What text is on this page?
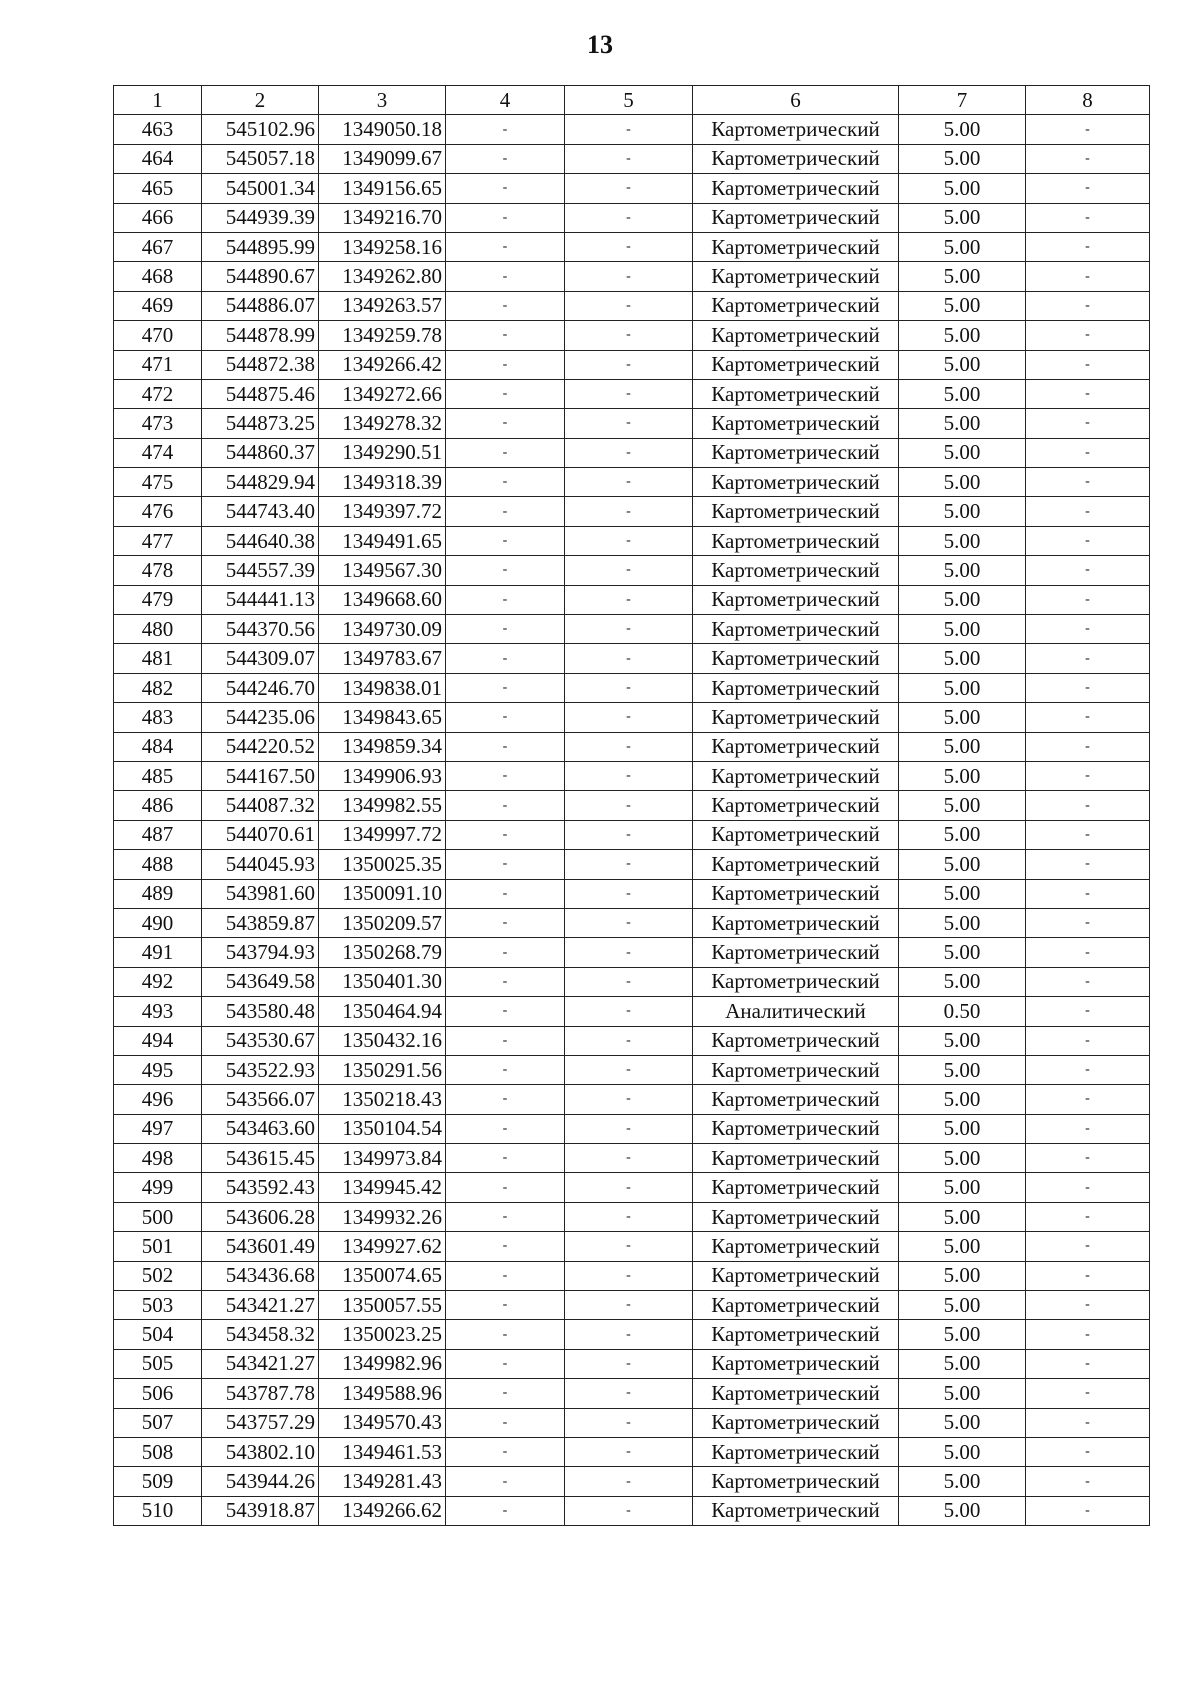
13
1	2	3	4	5	6	7	8
463	545102.96	1349050.18	-	-	Картометрический	5.00	-
464	545057.18	1349099.67	-	-	Картометрический	5.00	-
465	545001.34	1349156.65	-	-	Картометрический	5.00	-
466	544939.39	1349216.70	-	-	Картометрический	5.00	-
467	544895.99	1349258.16	-	-	Картометрический	5.00	-
468	544890.67	1349262.80	-	-	Картометрический	5.00	-
469	544886.07	1349263.57	-	-	Картометрический	5.00	-
470	544878.99	1349259.78	-	-	Картометрический	5.00	-
471	544872.38	1349266.42	-	-	Картометрический	5.00	-
472	544875.46	1349272.66	-	-	Картометрический	5.00	-
473	544873.25	1349278.32	-	-	Картометрический	5.00	-
474	544860.37	1349290.51	-	-	Картометрический	5.00	-
475	544829.94	1349318.39	-	-	Картометрический	5.00	-
476	544743.40	1349397.72	-	-	Картометрический	5.00	-
477	544640.38	1349491.65	-	-	Картометрический	5.00	-
478	544557.39	1349567.30	-	-	Картометрический	5.00	-
479	544441.13	1349668.60	-	-	Картометрический	5.00	-
480	544370.56	1349730.09	-	-	Картометрический	5.00	-
481	544309.07	1349783.67	-	-	Картометрический	5.00	-
482	544246.70	1349838.01	-	-	Картометрический	5.00	-
483	544235.06	1349843.65	-	-	Картометрический	5.00	-
484	544220.52	1349859.34	-	-	Картометрический	5.00	-
485	544167.50	1349906.93	-	-	Картометрический	5.00	-
486	544087.32	1349982.55	-	-	Картометрический	5.00	-
487	544070.61	1349997.72	-	-	Картометрический	5.00	-
488	544045.93	1350025.35	-	-	Картометрический	5.00	-
489	543981.60	1350091.10	-	-	Картометрический	5.00	-
490	543859.87	1350209.57	-	-	Картометрический	5.00	-
491	543794.93	1350268.79	-	-	Картометрический	5.00	-
492	543649.58	1350401.30	-	-	Картометрический	5.00	-
493	543580.48	1350464.94	-	-	Аналитический	0.50	-
494	543530.67	1350432.16	-	-	Картометрический	5.00	-
495	543522.93	1350291.56	-	-	Картометрический	5.00	-
496	543566.07	1350218.43	-	-	Картометрический	5.00	-
497	543463.60	1350104.54	-	-	Картометрический	5.00	-
498	543615.45	1349973.84	-	-	Картометрический	5.00	-
499	543592.43	1349945.42	-	-	Картометрический	5.00	-
500	543606.28	1349932.26	-	-	Картометрический	5.00	-
501	543601.49	1349927.62	-	-	Картометрический	5.00	-
502	543436.68	1350074.65	-	-	Картометрический	5.00	-
503	543421.27	1350057.55	-	-	Картометрический	5.00	-
504	543458.32	1350023.25	-	-	Картометрический	5.00	-
505	543421.27	1349982.96	-	-	Картометрический	5.00	-
506	543787.78	1349588.96	-	-	Картометрический	5.00	-
507	543757.29	1349570.43	-	-	Картометрический	5.00	-
508	543802.10	1349461.53	-	-	Картометрический	5.00	-
509	543944.26	1349281.43	-	-	Картометрический	5.00	-
510	543918.87	1349266.62	-	-	Картометрический	5.00	-
